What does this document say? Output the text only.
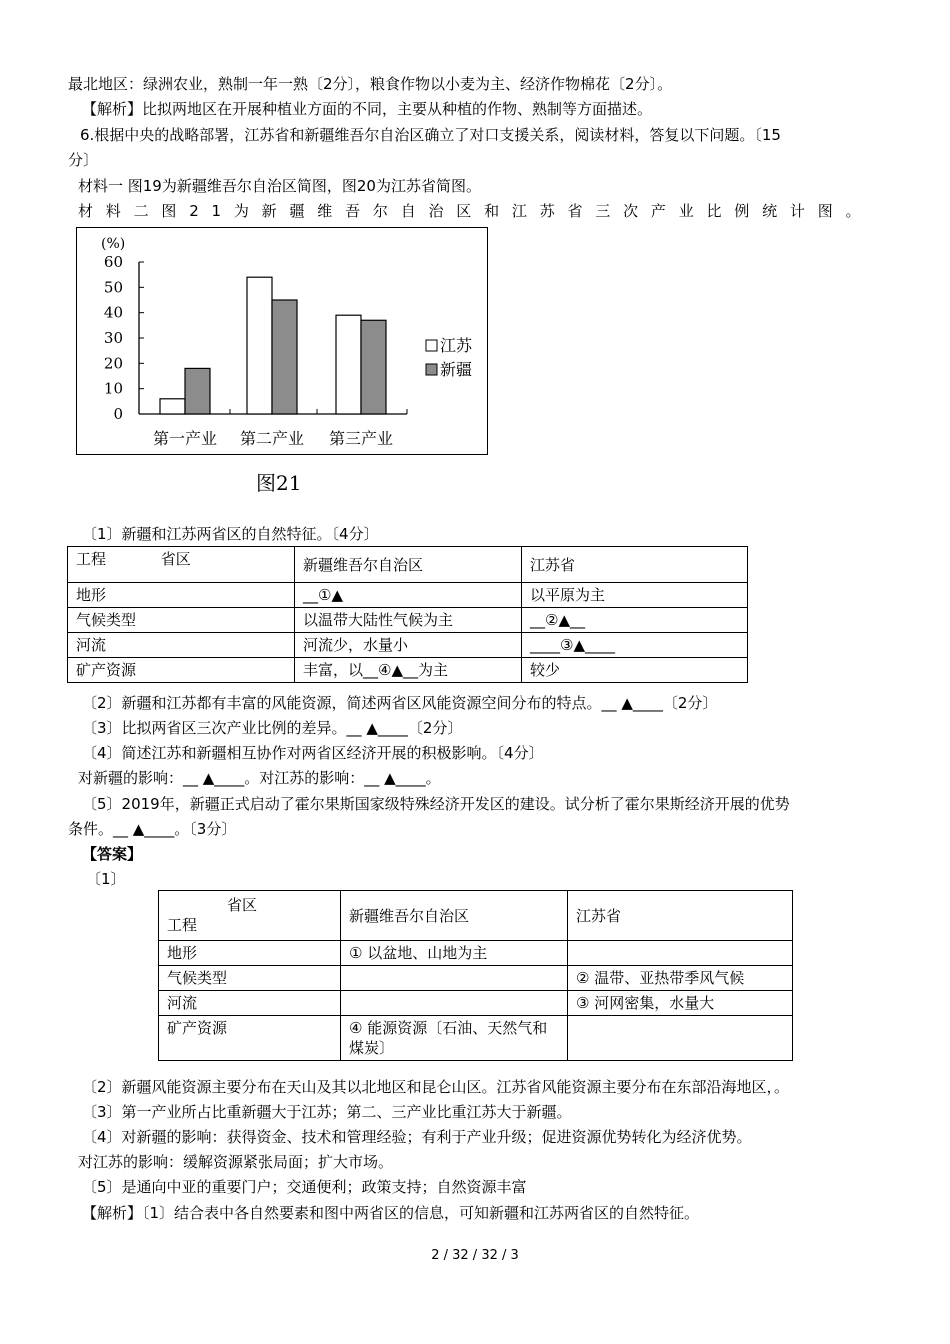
最北地区：绿洲农业，熟制一年一熟〔2分〕，粮食作物以小麦为主、经济作物棉花〔2分〕。
【解析】比拟两地区在开展种植业方面的不同，主要从种植的作物、熟制等方面描述。
6.根据中央的战略部署，江苏省和新疆维吾尔自治区确立了对口支援关系，阅读材料，答复以下问题。〔15
分〕
材料一 图19为新疆维吾尔自治区简图，图20为江苏省简图。
材料二图21为新疆维吾尔自治区和江苏省三次产业比例统计图。
(%)
0
10
20
30
40
50
60
第一产业 第二产业 第三产业
江苏
新疆
图21
〔1〕新疆和江苏两省区的自然特征。〔4分〕
工程 省区	新疆维吾尔自治区	江苏省
地形	__①▲	以平原为主
气候类型	以温带大陆性气候为主	__②▲__
河流	河流少，水量小	____③▲____
矿产资源	丰富，以__④▲__为主	较少
〔2〕新疆和江苏都有丰富的风能资源，简述两省区风能资源空间分布的特点。__ ▲____〔2分〕
〔3〕比拟两省区三次产业比例的差异。__ ▲____〔2分〕
〔4〕简述江苏和新疆相互协作对两省区经济开展的积极影响。〔4分〕
对新疆的影响：__ ▲____。对江苏的影响：__ ▲____。
〔5〕2019年，新疆正式启动了霍尔果斯国家级特殊经济开发区的建设。试分析了霍尔果斯经济开展的优势
条件。__ ▲____。〔3分〕
【答案】
〔1〕
省区
工程	新疆维吾尔自治区	江苏省
地形	① 以盆地、山地为主	
气候类型		② 温带、亚热带季风气候
河流		③ 河网密集，水量大
矿产资源	④ 能源资源〔石油、天然气和煤炭〕	
〔2〕新疆风能资源主要分布在天山及其以北地区和昆仑山区。江苏省风能资源主要分布在东部沿海地区，。
〔3〕第一产业所占比重新疆大于江苏；第二、三产业比重江苏大于新疆。
〔4〕对新疆的影响：获得资金、技术和管理经验；有利于产业升级；促进资源优势转化为经济优势。
对江苏的影响：缓解资源紧张局面；扩大市场。
〔5〕是通向中亚的重要门户；交通便利；政策支持；自然资源丰富
【解析】〔1〕结合表中各自然要素和图中两省区的信息，可知新疆和江苏两省区的自然特征。
2 / 32 / 32 / 3
